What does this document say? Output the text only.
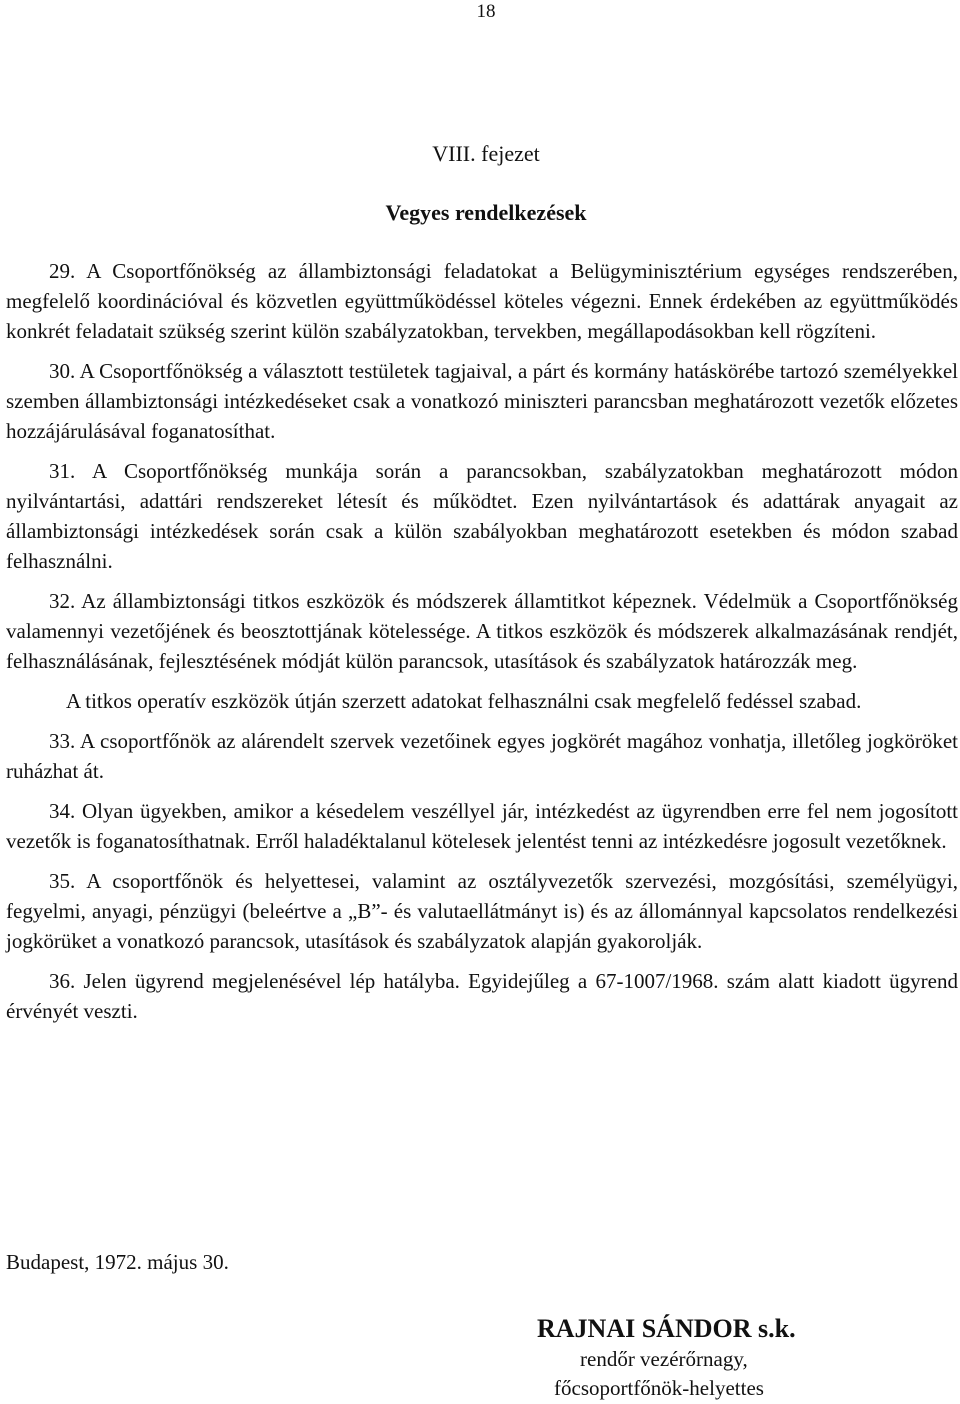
18
VIII. fejezet
Vegyes rendelkezések

29. A Csoportfőnökség az állambiztonsági feladatokat a Belügyminisztérium egységes rendszerében, megfelelő koordinációval és közvetlen együttműködéssel köteles végezni. Ennek érdekében az együttműködés konkrét feladatait szükség szerint külön szabályzatokban, tervekben, megállapodásokban kell rögzíteni.

30. A Csoportfőnökség a választott testületek tagjaival, a párt és kormány hatáskörébe tartozó személyekkel szemben állambiztonsági intézkedéseket csak a vonatkozó miniszteri parancsban meghatározott vezetők előzetes hozzájárulásával foganatosíthat.

31. A Csoportfőnökség munkája során a parancsokban, szabályzatokban meghatározott módon nyilvántartási, adattári rendszereket létesít és működtet. Ezen nyilvántartások és adattárak anyagait az állambiztonsági intézkedések során csak a külön szabályokban meghatározott esetekben és módon szabad felhasználni.

32. Az állambiztonsági titkos eszközök és módszerek államtitkot képeznek. Védelmük a Csoportfőnökség valamennyi vezetőjének és beosztottjának kötelessége. A titkos eszközök és módszerek alkalmazásának rendjét, felhasználásának, fejlesztésének módját külön parancsok, utasítások és szabályzatok határozzák meg.

A titkos operatív eszközök útján szerzett adatokat felhasználni csak megfelelő fedéssel szabad.

33. A csoportfőnök az alárendelt szervek vezetőinek egyes jogkörét magához vonhatja, illetőleg jogköröket ruházhat át.

34. Olyan ügyekben, amikor a késedelem veszéllyel jár, intézkedést az ügyrendben erre fel nem jogosított vezetők is foganatosíthatnak. Erről haladéktalanul kötelesek jelentést tenni az intézkedésre jogosult vezetőknek.

35. A csoportfőnök és helyettesei, valamint az osztályvezetők szervezési, mozgósítási, személyügyi, fegyelmi, anyagi, pénzügyi (beleértve a „B”- és valutaellátmányt is) és az állománnyal kapcsolatos rendelkezési jogkörüket a vonatkozó parancsok, utasítások és szabályzatok alapján gyakorolják.

36. Jelen ügyrend megjelenésével lép hatályba. Egyidejűleg a 67-1007/1968. szám alatt kiadott ügyrend érvényét veszti.

Budapest, 1972. május 30.
RAJNAI SÁNDOR s.k.
rendőr vezérőrnagy,
főcsoportfőnök-helyettes
